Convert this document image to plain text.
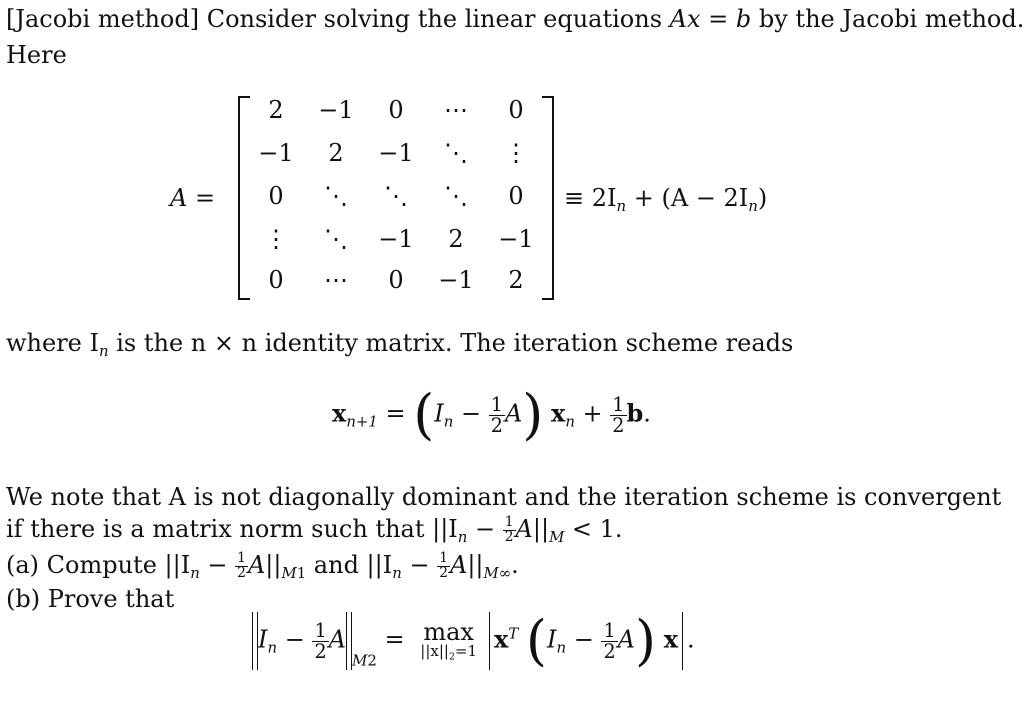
[Jacobi method] Consider solving the linear equations Ax = b by the Jacobi method.
Here
A =
2	−1	0	⋯	0
−1	2	−1	⋱	⋮
0	⋱	⋱	⋱	0
⋮	⋱	−1	2	−1
0	⋯	0	−1	2
≡ $2I_n + (A - 2I_n)$
where $I_n$ is the n × n identity matrix. The iteration scheme reads
$x_{n+1} = (I_n - \frac{1}{2} A) x_n + \frac{1}{2} b$.
We note that A is not diagonally dominant and the iteration scheme is convergent
if there is a matrix norm such that $||I_n - \frac{1}{2} A||_M < 1$.
(a) Compute $||I_n - \frac{1}{2} A||_{M1}$ and $||I_n - \frac{1}{2} A||_{M\infty}$.
(b) Prove that
$I_n - \frac{1}{2} A_{M2} = \max$
$||x||_2=1$ $x^T$ $(I_n - \frac{1}{2} A)$ x .
